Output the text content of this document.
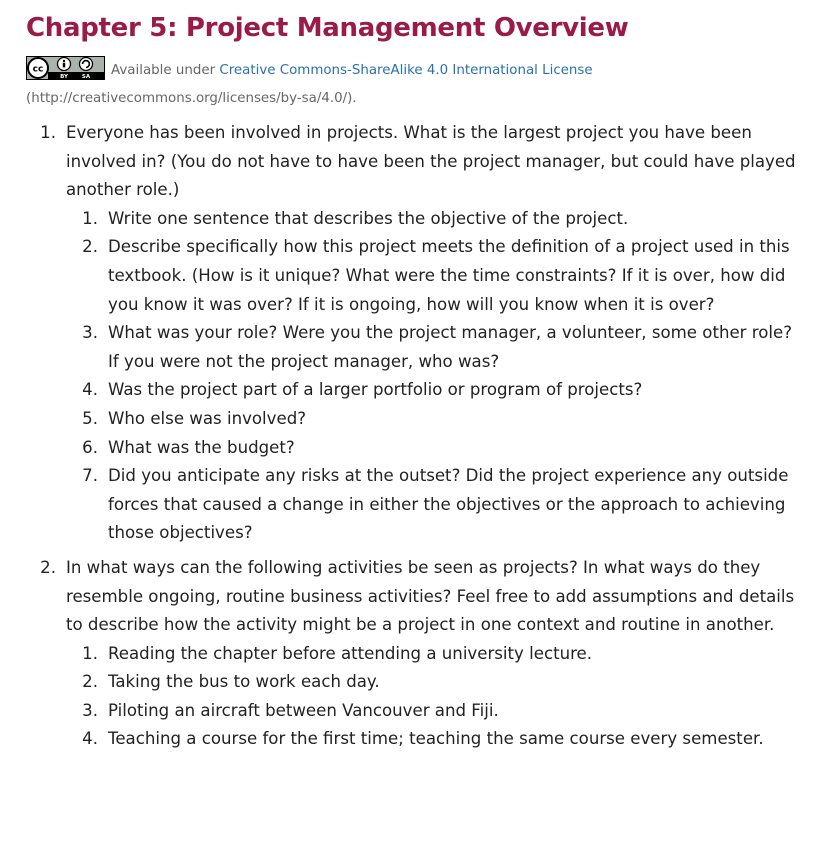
Chapter 5: Project Management Overview
cc
BY	SA Available under Creative Commons-ShareAlike 4.0 International License (http://creativecommons.org/licenses/by-sa/4.0/).
1. Everyone has been involved in projects. What is the largest project you have been involved in? (You do not have to have been the project manager, but could have played another role.)
1. Write one sentence that describes the objective of the project.
2. Describe specifically how this project meets the definition of a project used in this textbook. (How is it unique? What were the time constraints? If it is over, how did you know it was over? If it is ongoing, how will you know when it is over?
3. What was your role? Were you the project manager, a volunteer, some other role? If you were not the project manager, who was?
4. Was the project part of a larger portfolio or program of projects?
5. Who else was involved?
6. What was the budget?
7. Did you anticipate any risks at the outset? Did the project experience any outside forces that caused a change in either the objectives or the approach to achieving those objectives?
2. In what ways can the following activities be seen as projects? In what ways do they resemble ongoing, routine business activities? Feel free to add assumptions and details to describe how the activity might be a project in one context and routine in another.
1. Reading the chapter before attending a university lecture.
2. Taking the bus to work each day.
3. Piloting an aircraft between Vancouver and Fiji.
4. Teaching a course for the first time; teaching the same course every semester.
